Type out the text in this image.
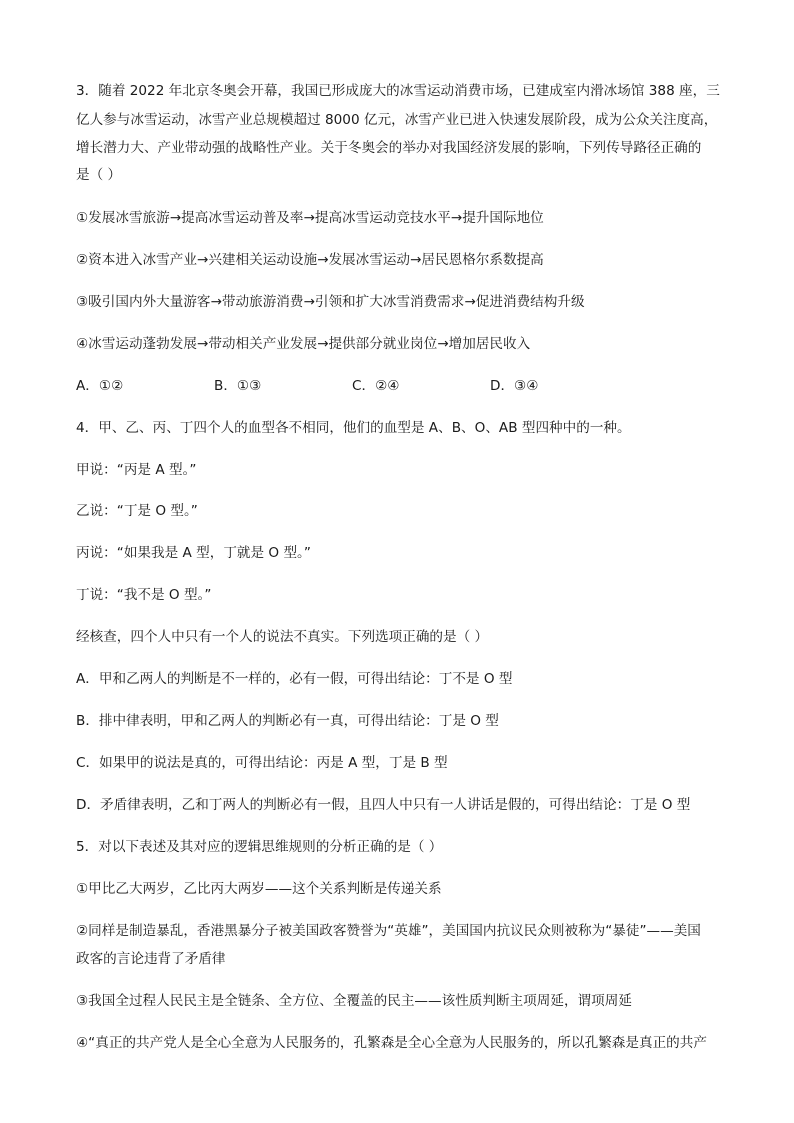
3．随着 2022 年北京冬奥会开幕，我国已形成庞大的冰雪运动消费市场，已建成室内滑冰场馆 388 座，三
亿人参与冰雪运动，冰雪产业总规模超过 8000 亿元，冰雪产业已进入快速发展阶段，成为公众关注度高，
增长潜力大、产业带动强的战略性产业。关于冬奥会的举办对我国经济发展的影响，下列传导路径正确的
是（ ）
①发展冰雪旅游→提高冰雪运动普及率→提高冰雪运动竞技水平→提升国际地位
②资本进入冰雪产业→兴建相关运动设施→发展冰雪运动→居民恩格尔系数提高
③吸引国内外大量游客→带动旅游消费→引领和扩大冰雪消费需求→促进消费结构升级
④冰雪运动蓬勃发展→带动相关产业发展→提供部分就业岗位→增加居民收入
A．①②	B．①③	C．②④	D．③④
4．甲、乙、丙、丁四个人的血型各不相同，他们的血型是 A、B、O、AB 型四种中的一种。
甲说：“丙是 A 型。”
乙说：“丁是 O 型。”
丙说：“如果我是 A 型，丁就是 O 型。”
丁说：“我不是 O 型。”
经核查，四个人中只有一个人的说法不真实。下列选项正确的是（ ）
A．甲和乙两人的判断是不一样的，必有一假，可得出结论：丁不是 O 型
B．排中律表明，甲和乙两人的判断必有一真，可得出结论：丁是 O 型
C．如果甲的说法是真的，可得出结论：丙是 A 型，丁是 B 型
D．矛盾律表明，乙和丁两人的判断必有一假，且四人中只有一人讲话是假的，可得出结论：丁是 O 型
5．对以下表述及其对应的逻辑思维规则的分析正确的是（ ）
①甲比乙大两岁，乙比丙大两岁——这个关系判断是传递关系
②同样是制造暴乱，香港黑暴分子被美国政客赞誉为“英雄”，美国国内抗议民众则被称为“暴徒”——美国
政客的言论违背了矛盾律
③我国全过程人民民主是全链条、全方位、全覆盖的民主——该性质判断主项周延，谓项周延
④“真正的共产党人是全心全意为人民服务的，孔繁森是全心全意为人民服务的，所以孔繁森是真正的共产
